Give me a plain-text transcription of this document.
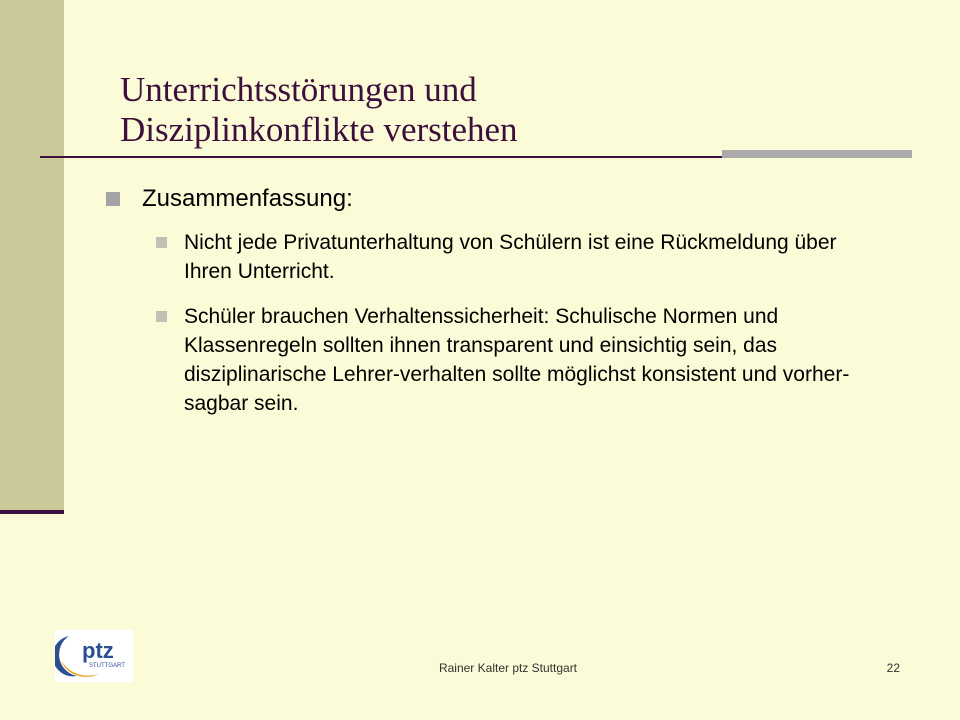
Unterrichtsstörungen und
Disziplinkonflikte verstehen
Zusammenfassung:
Nicht jede Privatunterhaltung von Schülern ist eine Rückmeldung über Ihren Unterricht.
Schüler brauchen Verhaltenssicherheit: Schulische Normen und Klassenregeln sollten ihnen transparent und einsichtig sein, das disziplinarische Lehrer-verhalten sollte möglichst konsistent und vorher-sagbar sein.
ptz
STUTTGART	Rainer Kalter ptz Stuttgart	22
